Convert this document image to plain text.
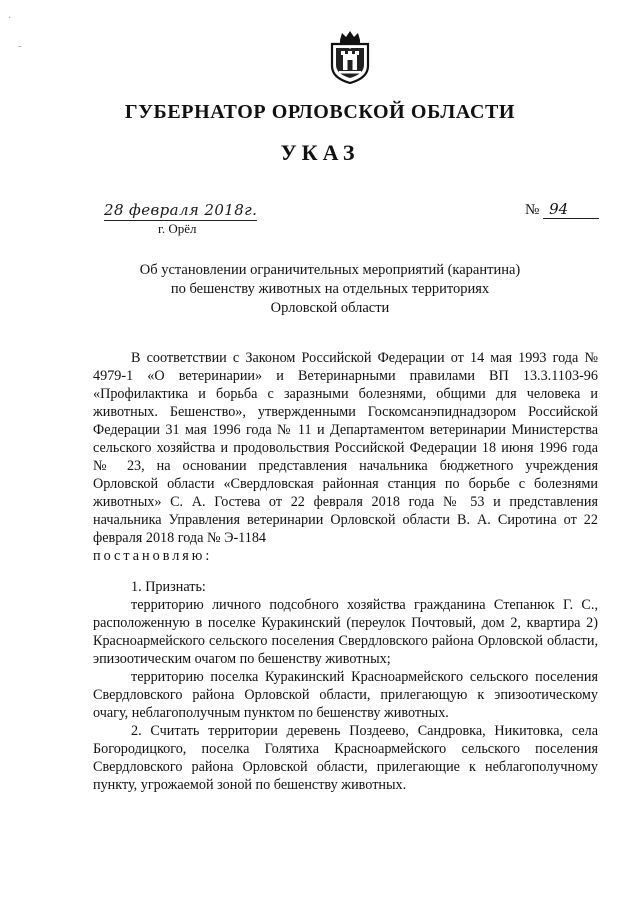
·
-
ГУБЕРНАТОР ОРЛОВСКОЙ ОБЛАСТИ
УКАЗ
28 февраля 2018г.
г. Орёл
№ 94
Об установлении ограничительных мероприятий (карантина)
по бешенству животных на отдельных территориях
Орловской области

В соответствии с Законом Российской Федерации от 14 мая 1993 года № 4979-1 «О ветеринарии» и Ветеринарными правилами ВП 13.3.1103-96 «Профилактика и борьба с заразными болезнями, общими для человека и животных. Бешенство», утвержденными Госкомсанэпиднадзором Российской Федерации 31 мая 1996 года № 11 и Департаментом ветеринарии Министерства сельского хозяйства и продовольствия Российской Федерации 18 июня 1996 года № 23, на основании представления начальника бюджетного учреждения Орловской области «Свердловская районная станция по борьбе с болезнями животных» С. А. Гостева от 22 февраля 2018 года № 53 и представления начальника Управления ветеринарии Орловской области В. А. Сиротина от 22 февраля 2018 года № Э-1184

постановляю:
1. Признать:
территорию личного подсобного хозяйства гражданина Степанюк Г. С., расположенную в поселке Куракинский (переулок Почтовый, дом 2, квартира 2) Красноармейского сельского поселения Свердловского района Орловской области, эпизоотическим очагом по бешенству животных;
территорию поселка Куракинский Красноармейского сельского поселения Свердловского района Орловской области, прилегающую к эпизоотическому очагу, неблагополучным пунктом по бешенству животных.
2. Считать территории деревень Поздеево, Сандровка, Никитовка, села Богородицкого, поселка Голятиха Красноармейского сельского поселения Свердловского района Орловской области, прилегающие к неблагополучному пункту, угрожаемой зоной по бешенству животных.
